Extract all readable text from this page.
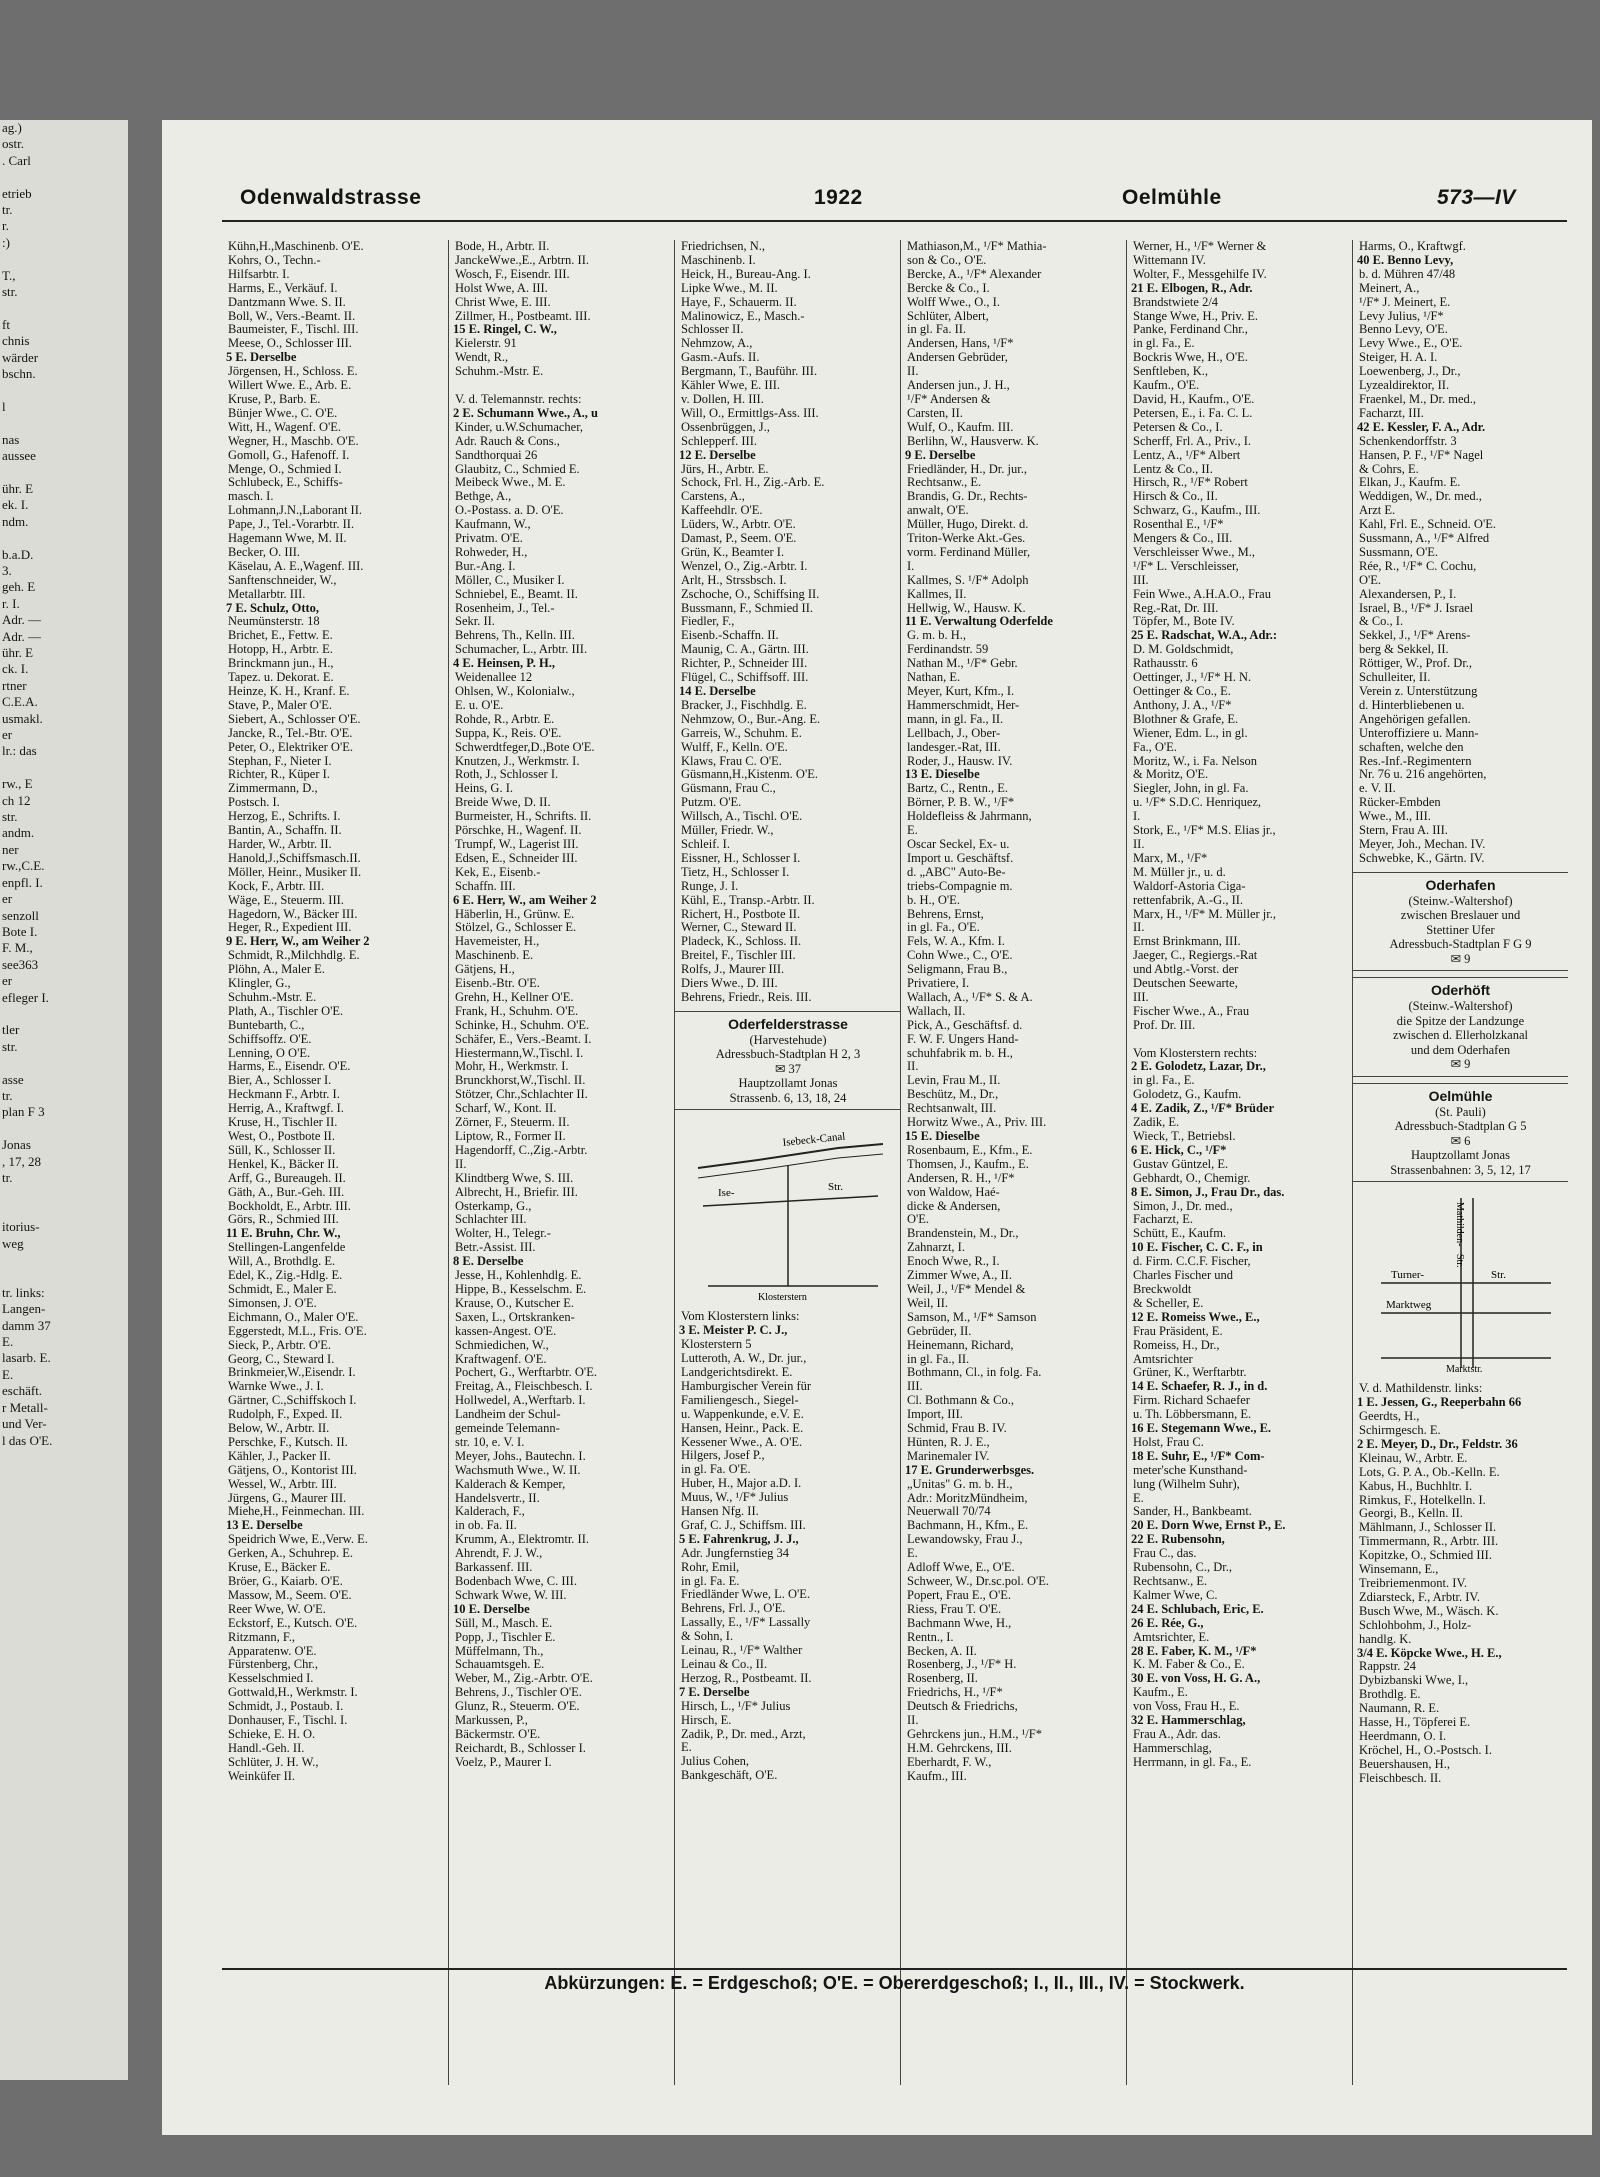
ag.)
ostr.
. Carl

etrieb
tr.
r.
:)

T.,
str.

ft
chnis
wärder
bschn.

l

nas
aussee

ühr. E
ek. I.
ndm.

b.a.D.
3.
geh. E
r. I.
Adr. —
Adr. —
ühr. E
ck. I.
rtner
C.E.A.
usmakl.
er
lr.: das

rw., E
ch 12
str.
andm.
ner
rw.,C.E.
enpfl. I.
er
senzoll
Bote I.
F. M.,
see363
er
efleger I.

tler
str.

asse
tr.
plan F 3

Jonas
, 17, 28
tr.

itorius-
weg

tr. links:
Langen-
damm 37
E.
lasarb. E.
E.
eschäft.
r Metall-
und Ver-
l das O'E.
Odenwaldstrasse	1922	Oelmühle	573—IV
Kühn,H.,Maschinenb. O'E.
Kohrs, O., Techn.-
Hilfsarbtr. I.
Harms, E., Verkäuf. I.
Dantzmann Wwe. S. II.
Boll, W., Vers.-Beamt. II.
Baumeister, F., Tischl. III.
Meese, O., Schlosser III.
5 E. Derselbe
Jörgensen, H., Schloss. E.
Willert Wwe. E., Arb. E.
Kruse, P., Barb. E.
Bünjer Wwe., C. O'E.
Witt, H., Wagenf. O'E.
Wegner, H., Maschb. O'E.
Gomoll, G., Hafenoff. I.
Menge, O., Schmied I.
Schlubeck, E., Schiffs-
masch. I.
Lohmann,J.N.,Laborant II.
Pape, J., Tel.-Vorarbtr. II.
Hagemann Wwe, M. II.
Becker, O. III.
Käselau, A. E.,Wagenf. III.
Sanftenschneider, W.,
Metallarbtr. III.
7 E. Schulz, Otto,
Neumünsterstr. 18
Brichet, E., Fettw. E.
Hotopp, H., Arbtr. E.
Brinckmann jun., H.,
Tapez. u. Dekorat. E.
Heinze, K. H., Kranf. E.
Stave, P., Maler O'E.
Siebert, A., Schlosser O'E.
Jancke, R., Tel.-Btr. O'E.
Peter, O., Elektriker O'E.
Stephan, F., Nieter I.
Richter, R., Küper I.
Zimmermann, D.,
Postsch. I.
Herzog, E., Schrifts. I.
Bantin, A., Schaffn. II.
Harder, W., Arbtr. II.
Hanold,J.,Schiffsmasch.II.
Möller, Heinr., Musiker II.
Kock, F., Arbtr. III.
Wäge, E., Steuerm. III.
Hagedorn, W., Bäcker III.
Heger, R., Expedient III.
9 E. Herr, W., am Weiher 2
Schmidt, R.,Milchhdlg. E.
Plöhn, A., Maler E.
Klingler, G.,
Schuhm.-Mstr. E.
Plath, A., Tischler O'E.
Buntebarth, C.,
Schiffsoffz. O'E.
Lenning, O O'E.
Harms, E., Eisendr. O'E.
Bier, A., Schlosser I.
Heckmann F., Arbtr. I.
Herrig, A., Kraftwgf. I.
Kruse, H., Tischler II.
West, O., Postbote II.
Süll, K., Schlosser II.
Henkel, K., Bäcker II.
Arff, G., Bureaugeh. II.
Gäth, A., Bur.-Geh. III.
Bockholdt, E., Arbtr. III.
Görs, R., Schmied III.
11 E. Bruhn, Chr. W.,
Stellingen-Langenfelde
Will, A., Brothdlg. E.
Edel, K., Zig.-Hdlg. E.
Schmidt, E., Maler E.
Simonsen, J. O'E.
Eichmann, O., Maler O'E.
Eggerstedt, M.L., Fris. O'E.
Sieck, P., Arbtr. O'E.
Georg, C., Steward I.
Brinkmeier,W.,Eisendr. I.
Warnke Wwe., J. I.
Gärtner, C.,Schiffskoch I.
Rudolph, F., Exped. II.
Below, W., Arbtr. II.
Perschke, F., Kutsch. II.
Kähler, J., Packer II.
Gätjens, O., Kontorist III.
Wessel, W., Arbtr. III.
Jürgens, G., Maurer III.
Miehe,H., Feinmechan. III.
13 E. Derselbe
Speidrich Wwe, E.,Verw. E.
Gerken, A., Schuhrep. E.
Kruse, E., Bäcker E.
Bröer, G., Kaiarb. O'E.
Massow, M., Seem. O'E.
Reer Wwe, W. O'E.
Eckstorf, E., Kutsch. O'E.
Ritzmann, F.,
Apparatenw. O'E.
Fürstenberg, Chr.,
Kesselschmied I.
Gottwald,H., Werkmstr. I.
Schmidt, J., Postaub. I.
Donhauser, F., Tischl. I.
Schieke, E. H. O.
Handl.-Geh. II.
Schlüter, J. H. W.,
Weinküfer II.
Bode, H., Arbtr. II.
JanckeWwe.,E., Arbtrn. II.
Wosch, F., Eisendr. III.
Holst Wwe, A. III.
Christ Wwe, E. III.
Zillmer, H., Postbeamt. III.
15 E. Ringel, C. W.,
Kielerstr. 91
Wendt, R.,
Schuhm.-Mstr. E.

V. d. Telemannstr. rechts:
2 E. Schumann Wwe., A., u
Kinder, u.W.Schumacher,
Adr. Rauch & Cons.,
Sandthorquai 26
Glaubitz, C., Schmied E.
Meibeck Wwe., M. E.
Bethge, A.,
O.-Postass. a. D. O'E.
Kaufmann, W.,
Privatm. O'E.
Rohweder, H.,
Bur.-Ang. I.
Möller, C., Musiker I.
Schniebel, E., Beamt. II.
Rosenheim, J., Tel.-
Sekr. II.
Behrens, Th., Kelln. III.
Schumacher, L., Arbtr. III.
4 E. Heinsen, P. H.,
Weidenallee 12
Ohlsen, W., Kolonialw.,
E. u. O'E.
Rohde, R., Arbtr. E.
Suppa, K., Reis. O'E.
Schwerdtfeger,D.,Bote O'E.
Knutzen, J., Werkmstr. I.
Roth, J., Schlosser I.
Heins, G. I.
Breide Wwe, D. II.
Burmeister, H., Schrifts. II.
Pörschke, H., Wagenf. II.
Trumpf, W., Lagerist III.
Edsen, E., Schneider III.
Kek, E., Eisenb.-
Schaffn. III.
6 E. Herr, W., am Weiher 2
Häberlin, H., Grünw. E.
Stölzel, G., Schlosser E.
Havemeister, H.,
Maschinenb. E.
Gätjens, H.,
Eisenb.-Btr. O'E.
Grehn, H., Kellner O'E.
Frank, H., Schuhm. O'E.
Schinke, H., Schuhm. O'E.
Schäfer, E., Vers.-Beamt. I.
Hiestermann,W.,Tischl. I.
Mohr, H., Werkmstr. I.
Brunckhorst,W.,Tischl. II.
Stötzer, Chr.,Schlachter II.
Scharf, W., Kont. II.
Zörner, F., Steuerm. II.
Liptow, R., Former II.
Hagendorff, C.,Zig.-Arbtr.
II.
Klindtberg Wwe, S. III.
Albrecht, H., Briefir. III.
Osterkamp, G.,
Schlachter III.
Wolter, H., Telegr.-
Betr.-Assist. III.
8 E. Derselbe
Jesse, H., Kohlenhdlg. E.
Hippe, B., Kesselschm. E.
Krause, O., Kutscher E.
Saxen, L., Ortskranken-
kassen-Angest. O'E.
Schmiedichen, W.,
Kraftwagenf. O'E.
Pochert, G., Werftarbtr. O'E.
Freitag, A., Fleischbesch. I.
Hollwedel, A.,Werftarb. I.
Landheim der Schul-
gemeinde Telemann-
str. 10, e. V. I.
Meyer, Johs., Bautechn. I.
Wachsmuth Wwe., W. II.
Kalderach & Kemper,
Handelsvertr., II.
Kalderach, F.,
in ob. Fa. II.
Krumm, A., Elektromtr. II.
Ahrendt, F. J. W.,
Barkassenf. III.
Bodenbach Wwe, C. III.
Schwark Wwe, W. III.
10 E. Derselbe
Süll, M., Masch. E.
Popp, J., Tischler E.
Müffelmann, Th.,
Schauamtsgeh. E.
Weber, M., Zig.-Arbtr. O'E.
Behrens, J., Tischler O'E.
Glunz, R., Steuerm. O'E.
Markussen, P.,
Bäckermstr. O'E.
Reichardt, B., Schlosser I.
Voelz, P., Maurer I.
Friedrichsen, N.,
Maschinenb. I.
Heick, H., Bureau-Ang. I.
Lipke Wwe., M. II.
Haye, F., Schauerm. II.
Malinowicz, E., Masch.-
Schlosser II.
Nehmzow, A.,
Gasm.-Aufs. II.
Bergmann, T., Bauführ. III.
Kähler Wwe, E. III.
v. Dollen, H. III.
Will, O., Ermittlgs-Ass. III.
Ossenbrüggen, J.,
Schlepperf. III.
12 E. Derselbe
Jürs, H., Arbtr. E.
Schock, Frl. H., Zig.-Arb. E.
Carstens, A.,
Kaffeehdlr. O'E.
Lüders, W., Arbtr. O'E.
Damast, P., Seem. O'E.
Grün, K., Beamter I.
Wenzel, O., Zig.-Arbtr. I.
Arlt, H., Strssbsch. I.
Zschoche, O., Schiffsing II.
Bussmann, F., Schmied II.
Fiedler, F.,
Eisenb.-Schaffn. II.
Maunig, C. A., Gärtn. III.
Richter, P., Schneider III.
Flügel, C., Schiffsoff. III.
14 E. Derselbe
Bracker, J., Fischhdlg. E.
Nehmzow, O., Bur.-Ang. E.
Garreis, W., Schuhm. E.
Wulff, F., Kelln. O'E.
Klaws, Frau C. O'E.
Güsmann,H.,Kistenm. O'E.
Güsmann, Frau C.,
Putzm. O'E.
Willsch, A., Tischl. O'E.
Müller, Friedr. W.,
Schleif. I.
Eissner, H., Schlosser I.
Tietz, H., Schlosser I.
Runge, J. I.
Kühl, E., Transp.-Arbtr. II.
Richert, H., Postbote II.
Werner, C., Steward II.
Pladeck, K., Schloss. II.
Breitel, F., Tischler III.
Rolfs, J., Maurer III.
Diers Wwe., D. III.
Behrens, Friedr., Reis. III.
Oderfelderstrasse
(Harvestehude)
Adressbuch-Stadtplan H 2, 3
✉ 37
Hauptzollamt Jonas
Strassenb. 6, 13, 18, 24
Isebeck-Canal
Ise-	Str.
Klosterstern
Vom Klosterstern links:
3 E. Meister P. C. J.,
Klosterstern 5
Lutteroth, A. W., Dr. jur.,
Landgerichtsdirekt. E.
Hamburgischer Verein für
Familiengesch., Siegel-
u. Wappenkunde, e.V. E.
Hansen, Heinr., Pack. E.
Kessener Wwe., A. O'E.
Hilgers, Josef P.,
in gl. Fa. O'E.
Huber, H., Major a.D. I.
Muus, W., ¹/F* Julius
Hansen Nfg. II.
Graf, C. J., Schiffsm. III.
5 E. Fahrenkrug, J. J.,
Adr. Jungfernstieg 34
Rohr, Emil,
in gl. Fa. E.
Friedländer Wwe, L. O'E.
Behrens, Frl. J., O'E.
Lassally, E., ¹/F* Lassally
& Sohn, I.
Leinau, R., ¹/F* Walther
Leinau & Co., II.
Herzog, R., Postbeamt. II.
7 E. Derselbe
Hirsch, L., ¹/F* Julius
Hirsch, E.
Zadik, P., Dr. med., Arzt,
E.
Julius Cohen,
Bankgeschäft, O'E.
Mathiason,M., ¹/F* Mathia-
son & Co., O'E.
Bercke, A., ¹/F* Alexander
Bercke & Co., I.
Wolff Wwe., O., I.
Schlüter, Albert,
in gl. Fa. II.
Andersen, Hans, ¹/F*
Andersen Gebrüder,
II.
Andersen jun., J. H.,
¹/F* Andersen &
Carsten, II.
Wulf, O., Kaufm. III.
Berlihn, W., Hausverw. K.
9 E. Derselbe
Friedländer, H., Dr. jur.,
Rechtsanw., E.
Brandis, G. Dr., Rechts-
anwalt, O'E.
Müller, Hugo, Direkt. d.
Triton-Werke Akt.-Ges.
vorm. Ferdinand Müller,
I.
Kallmes, S. ¹/F* Adolph
Kallmes, II.
Hellwig, W., Hausw. K.
11 E. Verwaltung Oderfelde
G. m. b. H.,
Ferdinandstr. 59
Nathan M., ¹/F* Gebr.
Nathan, E.
Meyer, Kurt, Kfm., I.
Hammerschmidt, Her-
mann, in gl. Fa., II.
Lellbach, J., Ober-
landesger.-Rat, III.
Roder, J., Hausw. IV.
13 E. Dieselbe
Bartz, C., Rentn., E.
Börner, P. B. W., ¹/F*
Holdefleiss & Jahrmann,
E.
Oscar Seckel, Ex- u.
Import u. Geschäftsf.
d. „ABC" Auto-Be-
triebs-Compagnie m.
b. H., O'E.
Behrens, Ernst,
in gl. Fa., O'E.
Fels, W. A., Kfm. I.
Cohn Wwe., C., O'E.
Seligmann, Frau B.,
Privatiere, I.
Wallach, A., ¹/F* S. & A.
Wallach, II.
Pick, A., Geschäftsf. d.
F. W. F. Ungers Hand-
schuhfabrik m. b. H.,
II.
Levin, Frau M., II.
Beschütz, M., Dr.,
Rechtsanwalt, III.
Horwitz Wwe., A., Priv. III.
15 E. Dieselbe
Rosenbaum, E., Kfm., E.
Thomsen, J., Kaufm., E.
Andersen, R. H., ¹/F*
von Waldow, Haé-
dicke & Andersen,
O'E.
Brandenstein, M., Dr.,
Zahnarzt, I.
Enoch Wwe, R., I.
Zimmer Wwe, A., II.
Weil, J., ¹/F* Mendel &
Weil, II.
Samson, M., ¹/F* Samson
Gebrüder, II.
Heinemann, Richard,
in gl. Fa., II.
Bothmann, Cl., in folg. Fa.
III.
Cl. Bothmann & Co.,
Import, III.
Schmid, Frau B. IV.
Hünten, R. J. E.,
Marinemaler IV.
17 E. Grunderwerbsges.
„Unitas" G. m. b. H.,
Adr.: MoritzMündheim,
Neuerwall 70/74
Bachmann, H., Kfm., E.
Lewandowsky, Frau J.,
E.
Adloff Wwe, E., O'E.
Schweer, W., Dr.sc.pol. O'E.
Popert, Frau E., O'E.
Riess, Frau T. O'E.
Bachmann Wwe, H.,
Rentn., I.
Becken, A. II.
Rosenberg, J., ¹/F* H.
Rosenberg, II.
Friedrichs, H., ¹/F*
Deutsch & Friedrichs,
II.
Gehrckens jun., H.M., ¹/F*
H.M. Gehrckens, III.
Eberhardt, F. W.,
Kaufm., III.
Werner, H., ¹/F* Werner &
Wittemann IV.
Wolter, F., Messgehilfe IV.
21 E. Elbogen, R., Adr.
Brandstwiete 2/4
Stange Wwe, H., Priv. E.
Panke, Ferdinand Chr.,
in gl. Fa., E.
Bockris Wwe, H., O'E.
Senftleben, K.,
Kaufm., O'E.
David, H., Kaufm., O'E.
Petersen, E., i. Fa. C. L.
Petersen & Co., I.
Scherff, Frl. A., Priv., I.
Lentz, A., ¹/F* Albert
Lentz & Co., II.
Hirsch, R., ¹/F* Robert
Hirsch & Co., II.
Schwarz, G., Kaufm., III.
Rosenthal E., ¹/F*
Mengers & Co., III.
Verschleisser Wwe., M.,
¹/F* L. Verschleisser,
III.
Fein Wwe., A.H.A.O., Frau
Reg.-Rat, Dr. III.
Töpfer, M., Bote IV.
25 E. Radschat, W.A., Adr.:
D. M. Goldschmidt,
Rathausstr. 6
Oettinger, J., ¹/F* H. N.
Oettinger & Co., E.
Anthony, J. A., ¹/F*
Blothner & Grafe, E.
Wiener, Edm. L., in gl.
Fa., O'E.
Moritz, W., i. Fa. Nelson
& Moritz, O'E.
Siegler, John, in gl. Fa.
u. ¹/F* S.D.C. Henriquez,
I.
Stork, E., ¹/F* M.S. Elias jr.,
II.
Marx, M., ¹/F*
M. Müller jr., u. d.
Waldorf-Astoria Ciga-
rettenfabrik, A.-G., II.
Marx, H., ¹/F* M. Müller jr.,
II.
Ernst Brinkmann, III.
Jaeger, C., Regiergs.-Rat
und Abtlg.-Vorst. der
Deutschen Seewarte,
III.
Fischer Wwe., A., Frau
Prof. Dr. III.

Vom Klosterstern rechts:
2 E. Golodetz, Lazar, Dr.,
in gl. Fa., E.
Golodetz, G., Kaufm.
4 E. Zadik, Z., ¹/F* Brüder
Zadik, E.
Wieck, T., Betriebsl.
6 E. Hick, C., ¹/F*
Gustav Güntzel, E.
Gebhardt, O., Chemigr.
8 E. Simon, J., Frau Dr., das.
Simon, J., Dr. med.,
Facharzt, E.
Schütt, E., Kaufm.
10 E. Fischer, C. C. F., in
d. Firm. C.C.F. Fischer,
Charles Fischer und
Breckwoldt
& Scheller, E.
12 E. Romeiss Wwe., E.,
Frau Präsident, E.
Romeiss, H., Dr.,
Amtsrichter
Grüner, K., Werftarbtr.
14 E. Schaefer, R. J., in d.
Firm. Richard Schaefer
u. Th. Löbbersmann, E.
16 E. Stegemann Wwe., E.
Holst, Frau C.
18 E. Suhr, E., ¹/F* Com-
meter'sche Kunsthand-
lung (Wilhelm Suhr),
E.
Sander, H., Bankbeamt.
20 E. Dorn Wwe, Ernst P., E.
22 E. Rubensohn,
Frau C., das.
Rubensohn, C., Dr.,
Rechtsanw., E.
Kalmer Wwe, C.
24 E. Schlubach, Eric, E.
26 E. Rée, G.,
Amtsrichter, E.
28 E. Faber, K. M., ¹/F*
K. M. Faber & Co., E.
30 E. von Voss, H. G. A.,
Kaufm., E.
von Voss, Frau H., E.
32 E. Hammerschlag,
Frau A., Adr. das.
Hammerschlag,
Herrmann, in gl. Fa., E.
Harms, O., Kraftwgf.
40 E. Benno Levy,
b. d. Mühren 47/48
Meinert, A.,
¹/F* J. Meinert, E.
Levy Julius, ¹/F*
Benno Levy, O'E.
Levy Wwe., E., O'E.
Steiger, H. A. I.
Loewenberg, J., Dr.,
Lyzealdirektor, II.
Fraenkel, M., Dr. med.,
Facharzt, III.
42 E. Kessler, F. A., Adr.
Schenkendorffstr. 3
Hansen, P. F., ¹/F* Nagel
& Cohrs, E.
Elkan, J., Kaufm. E.
Weddigen, W., Dr. med.,
Arzt E.
Kahl, Frl. E., Schneid. O'E.
Sussmann, A., ¹/F* Alfred
Sussmann, O'E.
Rée, R., ¹/F* C. Cochu,
O'E.
Alexandersen, P., I.
Israel, B., ¹/F* J. Israel
& Co., I.
Sekkel, J., ¹/F* Arens-
berg & Sekkel, II.
Röttiger, W., Prof. Dr.,
Schulleiter, II.
Verein z. Unterstützung
d. Hinterbliebenen u.
Angehörigen gefallen.
Unteroffiziere u. Mann-
schaften, welche den
Res.-Inf.-Regimentern
Nr. 76 u. 216 angehörten,
e. V. II.
Rücker-Embden
Wwe., M., III.
Stern, Frau A. III.
Meyer, Joh., Mechan. IV.
Schwebke, K., Gärtn. IV.
Oderhafen
(Steinw.-Waltershof)
zwischen Breslauer und
Stettiner Ufer
Adressbuch-Stadtplan F G 9
✉ 9
Oderhöft
(Steinw.-Waltershof)
die Spitze der Landzunge
zwischen d. Ellerholzkanal
und dem Oderhafen
✉ 9
Oelmühle
(St. Pauli)
Adressbuch-Stadtplan G 5
✉ 6
Hauptzollamt Jonas
Strassenbahnen: 3, 5, 12, 17
Mathilden-
Str.
Turner-	Str.
Marktweg
Marktstr.
V. d. Mathildenstr. links:
1 E. Jessen, G., Reeperbahn 66
Geerdts, H.,
Schirmgesch. E.
2 E. Meyer, D., Dr., Feldstr. 36
Kleinau, W., Arbtr. E.
Lots, G. P. A., Ob.-Kelln. E.
Kabus, H., Buchhltr. I.
Rimkus, F., Hotelkelln. I.
Georgi, B., Kelln. II.
Mählmann, J., Schlosser II.
Timmermann, R., Arbtr. III.
Kopitzke, O., Schmied III.
Winsemann, E.,
Treibriemenmont. IV.
Zdiarsteck, F., Arbtr. IV.
Busch Wwe, M., Wäsch. K.
Schlohbohm, J., Holz-
handlg. K.
3/4 E. Köpcke Wwe., H. E.,
Rappstr. 24
Dybizbanski Wwe, I.,
Brothdlg. E.
Naumann, R. E.
Hasse, H., Töpferei E.
Heerdmann, O. I.
Kröchel, H., O.-Postsch. I.
Beuershausen, H.,
Fleischbesch. II.
Abkürzungen: E. = Erdgeschoß; O'E. = Obererdgeschoß; I., II., III., IV. = Stockwerk.
